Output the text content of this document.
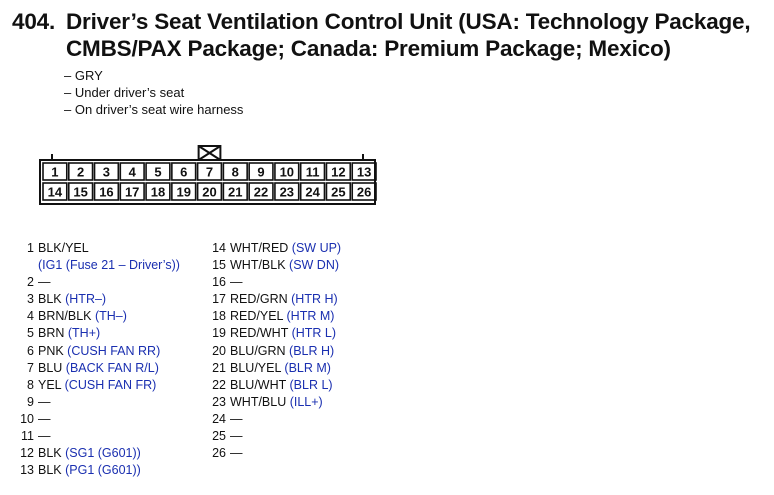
404. Driver’s Seat Ventilation Control Unit (USA: Technology Package,
CMBS/PAX Package; Canada: Premium Package; Mexico)
– GRY
– Under driver’s seat
– On driver’s seat wire harness
1 2 3 4 5 6 7 8 9 10 11 12 13
14 15 16 17 18 19 20 21 22 23 24 25 26
1 BLK/YEL
(IG1 (Fuse 21 – Driver’s))
2 —
3 BLK (HTR–)
4 BRN/BLK (TH–)
5 BRN (TH+)
6 PNK (CUSH FAN RR)
7 BLU (BACK FAN R/L)
8 YEL (CUSH FAN FR)
9 —
10 —
11 —
12 BLK (SG1 (G601))
13 BLK (PG1 (G601))
14 WHT/RED (SW UP)
15 WHT/BLK (SW DN)
16 —
17 RED/GRN (HTR H)
18 RED/YEL (HTR M)
19 RED/WHT (HTR L)
20 BLU/GRN (BLR H)
21 BLU/YEL (BLR M)
22 BLU/WHT (BLR L)
23 WHT/BLU (ILL+)
24 —
25 —
26 —
